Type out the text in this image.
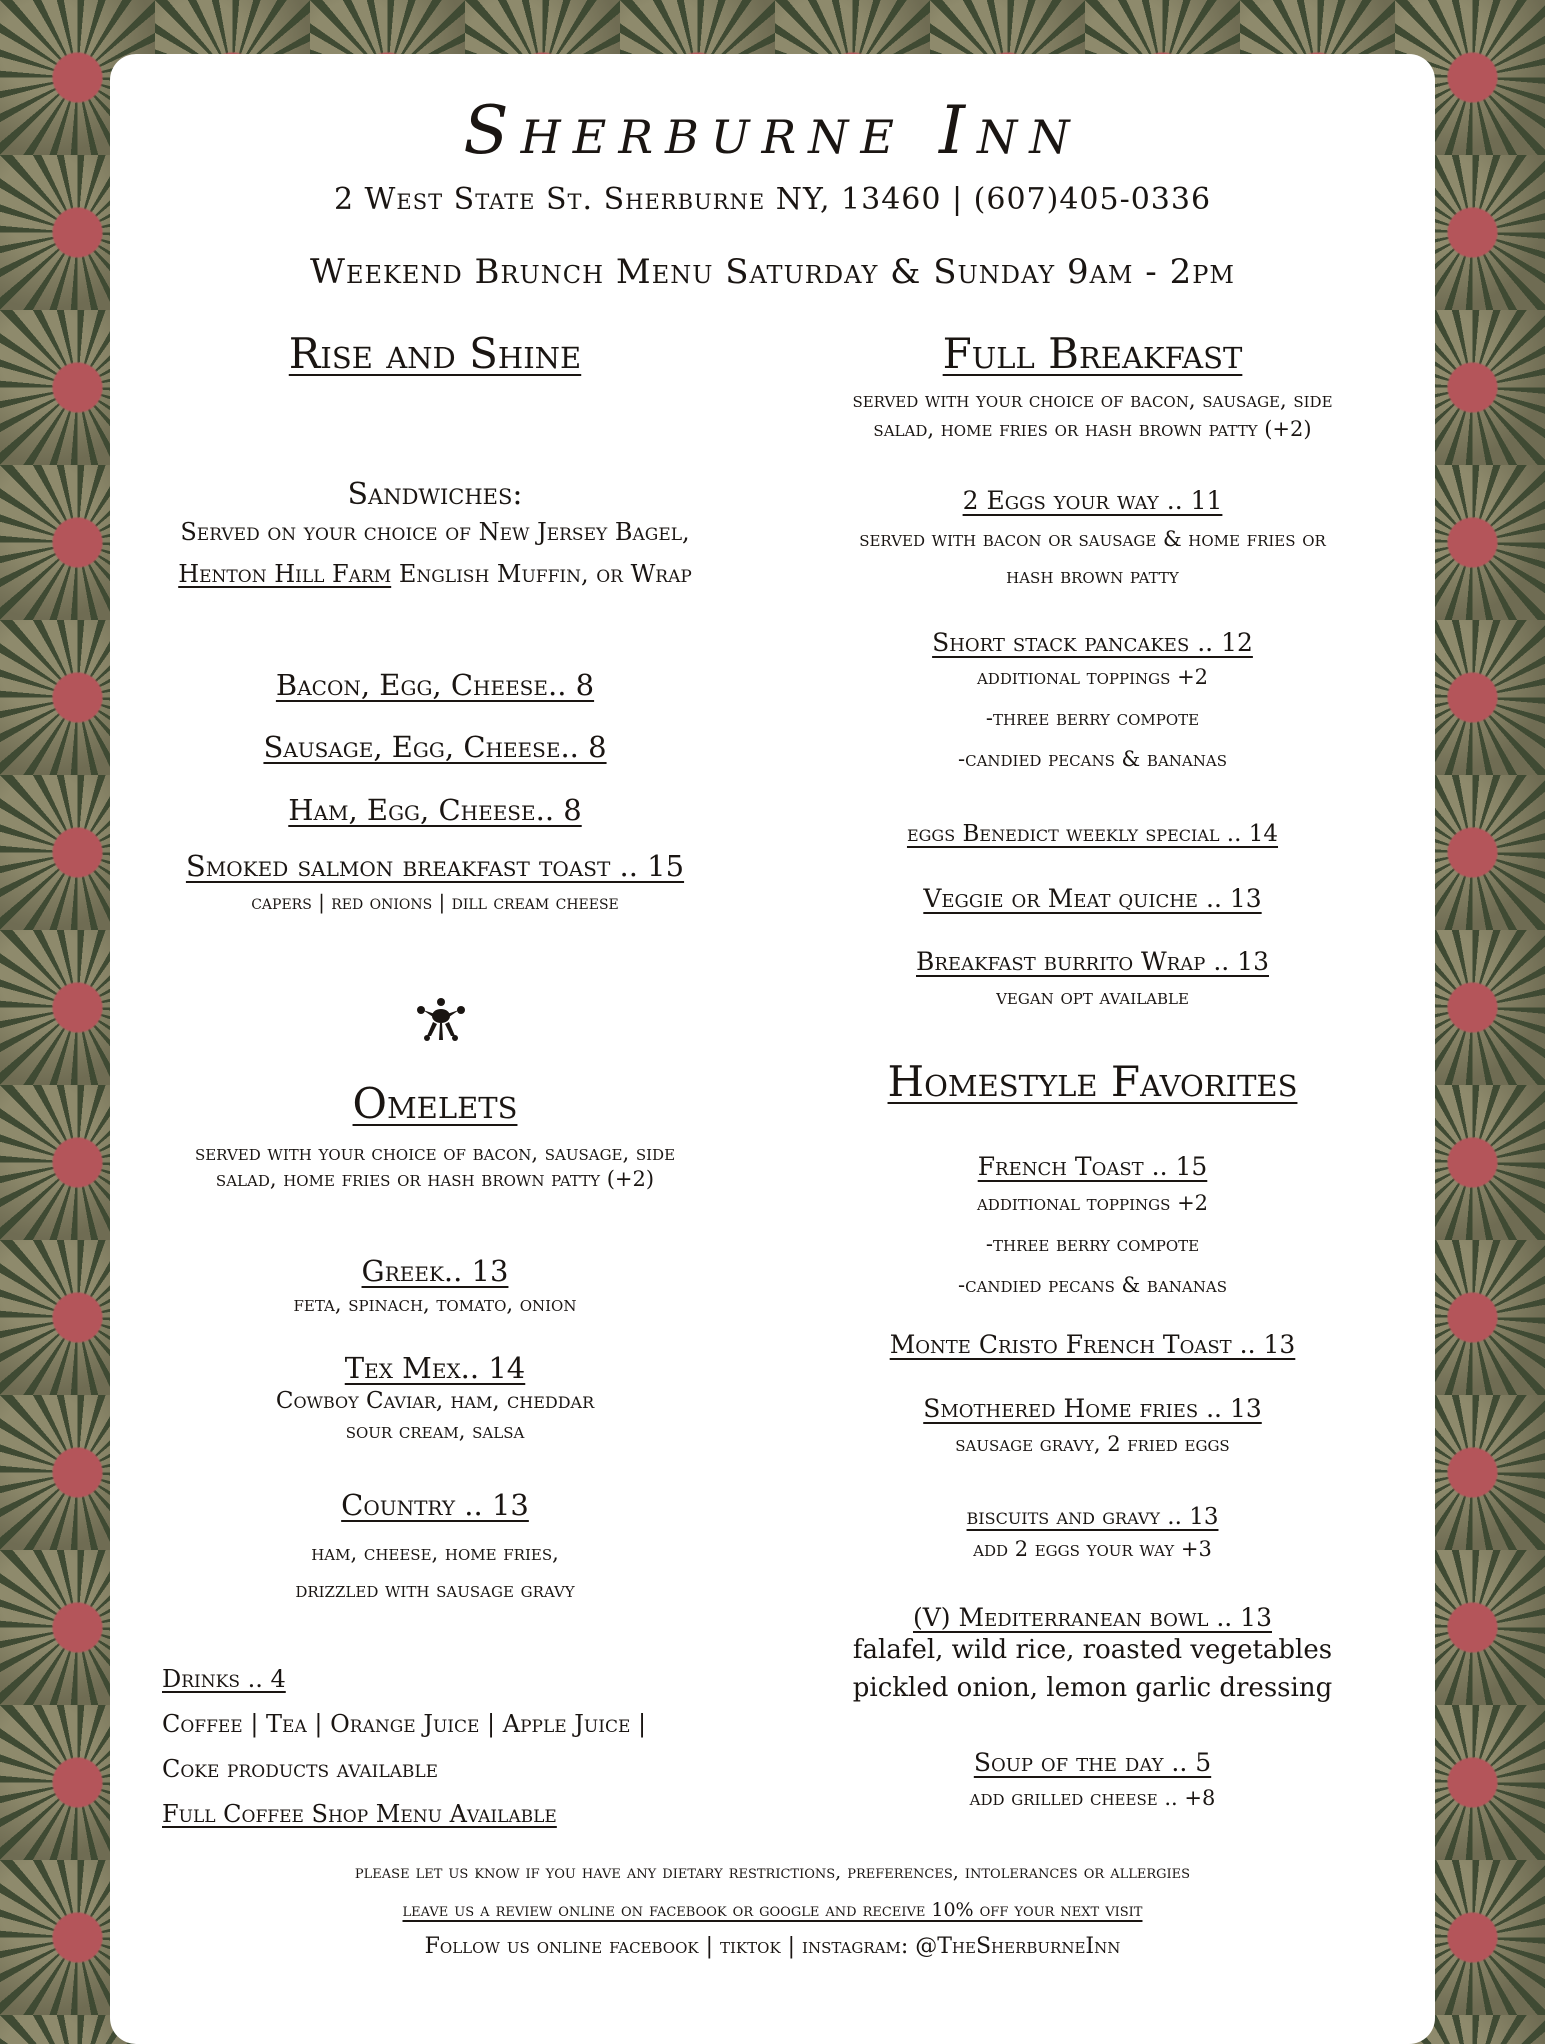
Sherburne Inn
2 West State St. Sherburne NY, 13460 | (607)405-0336
Weekend Brunch Menu Saturday & Sunday 9am - 2pm
Rise and Shine
Sandwiches:
Served on your choice of New Jersey Bagel,
Henton Hill Farm English Muffin, or Wrap
Bacon, Egg, Cheese.. 8
Sausage, Egg, Cheese.. 8
Ham, Egg, Cheese.. 8
Smoked salmon breakfast toast .. 15
capers | red onions | dill cream cheese
Omelets
served with your choice of bacon, sausage, side
salad, home fries or hash brown patty (+2)
Greek.. 13
feta, spinach, tomato, onion
Tex Mex.. 14
Cowboy Caviar, ham, cheddar
sour cream, salsa
Country .. 13
ham, cheese, home fries,
drizzled with sausage gravy
Drinks .. 4
Coffee | Tea | Orange Juice | Apple Juice |
Coke products available
Full Coffee Shop Menu Available
Full Breakfast
served with your choice of bacon, sausage, side
salad, home fries or hash brown patty (+2)
2 Eggs your way .. 11
served with bacon or sausage & home fries or
hash brown patty
Short stack pancakes .. 12
additional toppings +2
-three berry compote
-candied pecans & bananas
eggs Benedict weekly special .. 14
Veggie or Meat quiche .. 13
Breakfast burrito Wrap .. 13
vegan opt available
Homestyle Favorites
French Toast .. 15
additional toppings +2
-three berry compote
-candied pecans & bananas
Monte Cristo French Toast .. 13
Smothered Home fries .. 13
sausage gravy, 2 fried eggs
biscuits and gravy .. 13
add 2 eggs your way +3
(V) Mediterranean bowl .. 13
falafel, wild rice, roasted vegetables
pickled onion, lemon garlic dressing
Soup of the day .. 5
add grilled cheese .. +8
please let us know if you have any dietary restrictions, preferences, intolerances or allergies
leave us a review online on facebook or google and receive 10% off your next visit
Follow us online facebook | tiktok | instagram: @TheSherburneInn
